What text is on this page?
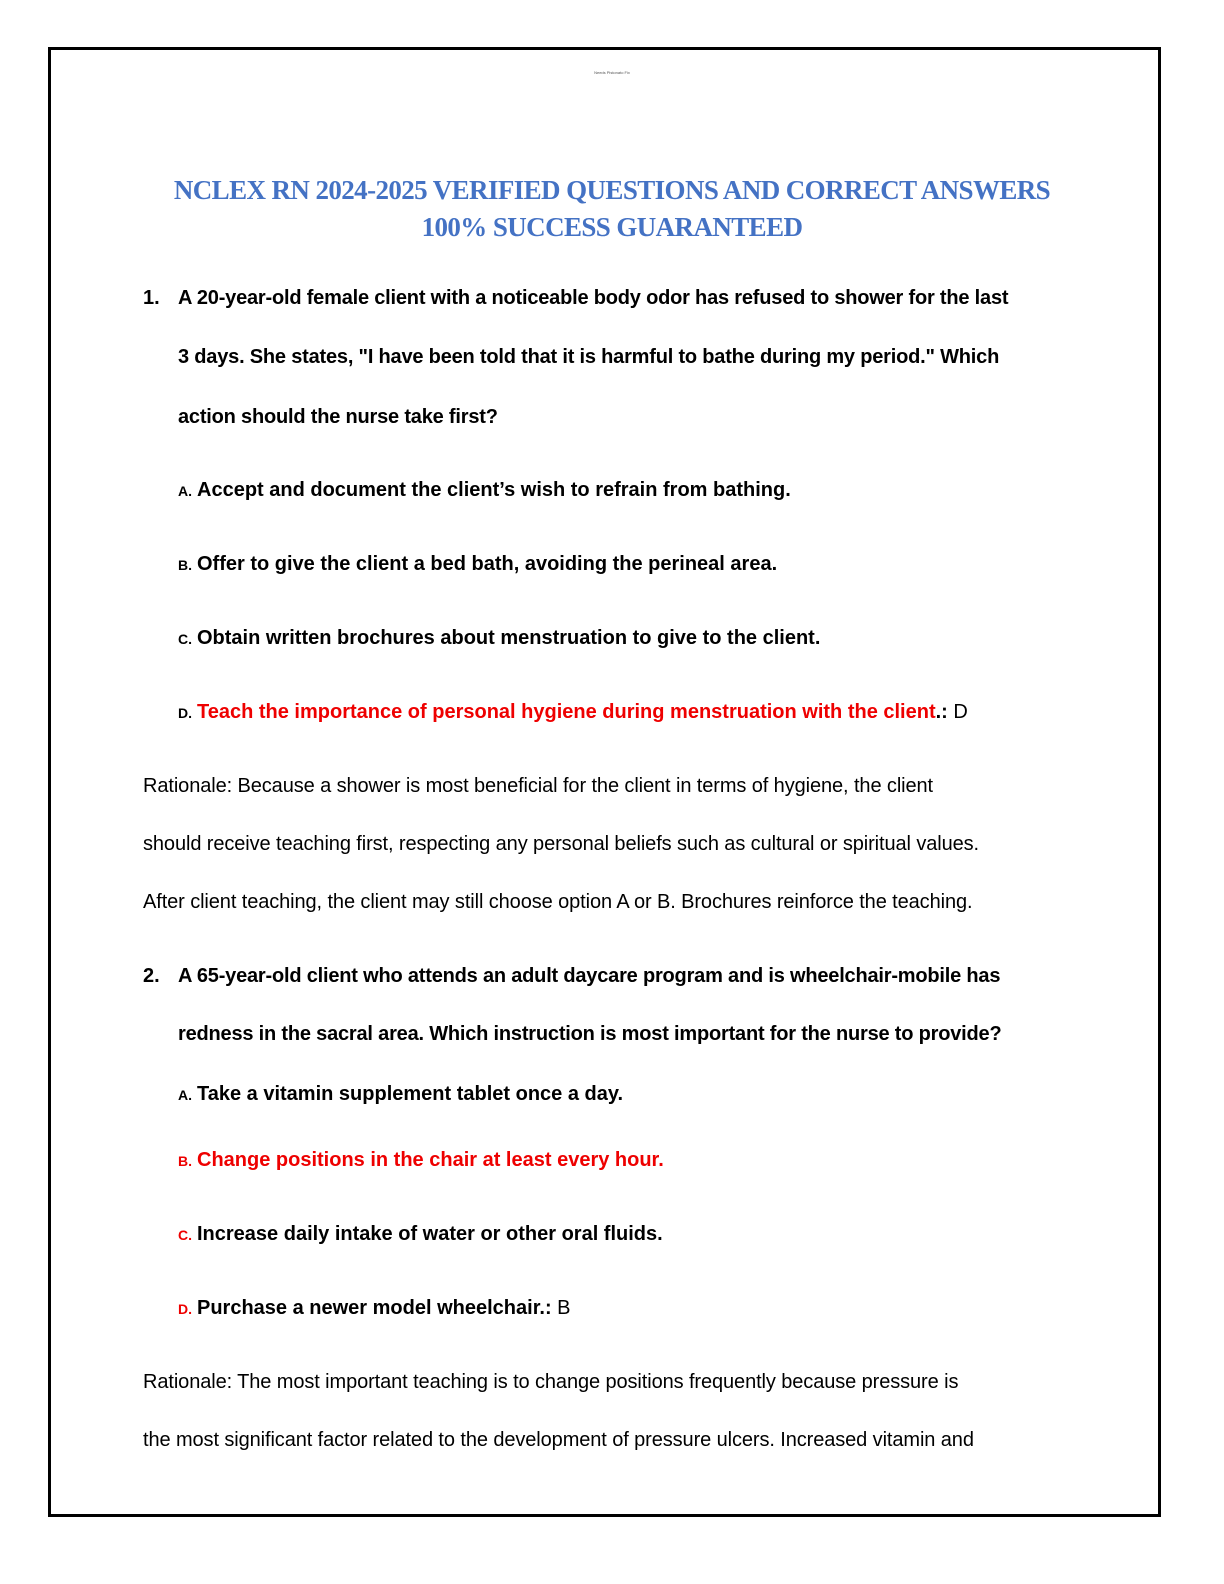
Needs Pistonato Fix
NCLEX RN 2024-2025 VERIFIED QUESTIONS AND CORRECT ANSWERS
100% SUCCESS GUARANTEED
1. A 20-year-old female client with a noticeable body odor has refused to shower for the last
3 days. She states, "I have been told that it is harmful to bathe during my period." Which
action should the nurse take first?
A. Accept and document the client’s wish to refrain from bathing.
B. Offer to give the client a bed bath, avoiding the perineal area.
C. Obtain written brochures about menstruation to give to the client.
D. Teach the importance of personal hygiene during menstruation with the client.: D
Rationale: Because a shower is most beneficial for the client in terms of hygiene, the client
should receive teaching first, respecting any personal beliefs such as cultural or spiritual values.
After client teaching, the client may still choose option A or B. Brochures reinforce the teaching.
2. A 65-year-old client who attends an adult daycare program and is wheelchair-mobile has
redness in the sacral area. Which instruction is most important for the nurse to provide?
A. Take a vitamin supplement tablet once a day.
B. Change positions in the chair at least every hour.
C. Increase daily intake of water or other oral fluids.
D. Purchase a newer model wheelchair.: B
Rationale: The most important teaching is to change positions frequently because pressure is
the most significant factor related to the development of pressure ulcers. Increased vitamin and
